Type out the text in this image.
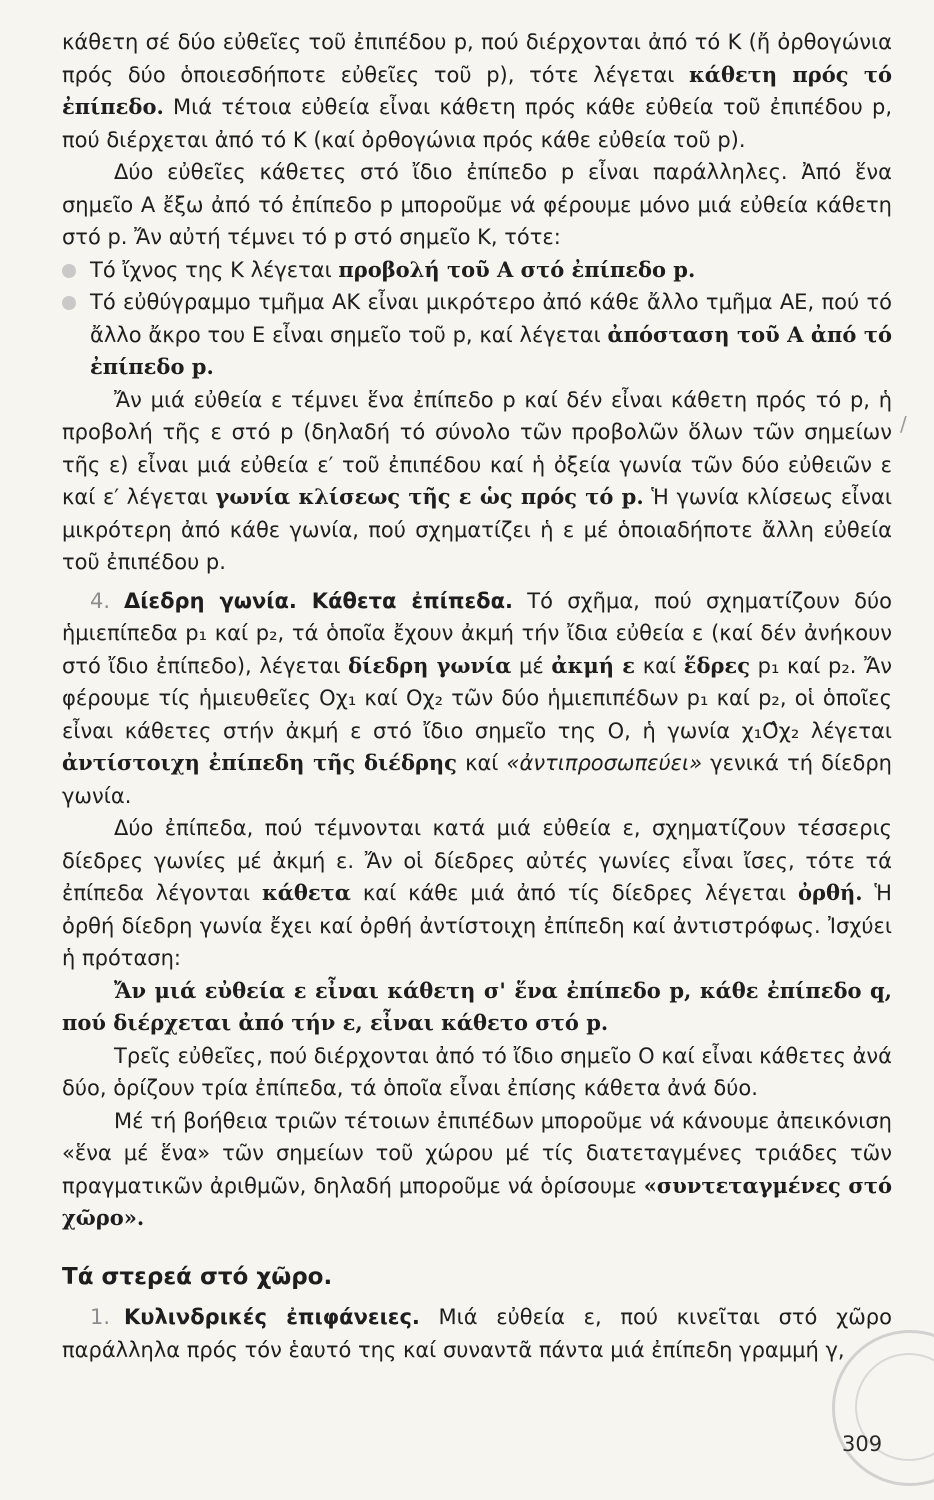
κάθετη σέ δύο εὐθεῖες τοῦ ἐπιπέδου p, πού διέρχονται ἀπό τό Κ (ἤ ὀρθογώνια πρός δύο ὁποιεσδήποτε εὐθεῖες τοῦ p), τότε λέγεται κάθετη πρός τό ἐπίπεδο. Μιά τέτοια εὐθεία εἶναι κάθετη πρός κάθε εὐθεία τοῦ ἐπιπέδου p, πού διέρχεται ἀπό τό Κ (καί ὀρθογώνια πρός κάθε εὐθεία τοῦ p).

Δύο εὐθεῖες κάθετες στό ἴδιο ἐπίπεδο p εἶναι παράλληλες. Ἀπό ἕνα σημεῖο Α ἔξω ἀπό τό ἐπίπεδο p μποροῦμε νά φέρουμε μόνο μιά εὐθεία κάθετη στό p. Ἄν αὐτή τέμνει τό p στό σημεῖο Κ, τότε:

Τό ἴχνος της Κ λέγεται προβολή τοῦ Α στό ἐπίπεδο p.

Τό εὐθύγραμμο τμῆμα ΑΚ εἶναι μικρότερο ἀπό κάθε ἄλλο τμῆμα ΑΕ, πού τό ἄλλο ἄκρο του Ε εἶναι σημεῖο τοῦ p, καί λέγεται ἀπόσταση τοῦ Α ἀπό τό ἐπίπεδο p.

Ἄν μιά εὐθεία ε τέμνει ἕνα ἐπίπεδο p καί δέν εἶναι κάθετη πρός τό p, ἡ προβολή τῆς ε στό p (δηλαδή τό σύνολο τῶν προβολῶν ὅλων τῶν σημείων τῆς ε) εἶναι μιά εὐθεία ε′ τοῦ ἐπιπέδου καί ἡ ὀξεία γωνία τῶν δύο εὐθειῶν ε καί ε′ λέγεται γωνία κλίσεως τῆς ε ὡς πρός τό p. Ἡ γωνία κλίσεως εἶναι μικρότερη ἀπό κάθε γωνία, πού σχηματίζει ἡ ε μέ ὁποιαδήποτε ἄλλη εὐθεία τοῦ ἐπιπέδου p.

4. Δίεδρη γωνία. Κάθετα ἐπίπεδα. Τό σχῆμα, πού σχηματίζουν δύο ἡμιεπίπεδα p₁ καί p₂, τά ὁποῖα ἔχουν ἀκμή τήν ἴδια εὐθεία ε (καί δέν ἀνήκουν στό ἴδιο ἐπίπεδο), λέγεται δίεδρη γωνία μέ ἀκμή ε καί ἕδρες p₁ καί p₂. Ἄν φέρουμε τίς ἡμιευθεῖες Οχ₁ καί Οχ₂ τῶν δύο ἡμιεπιπέδων p₁ καί p₂, οἱ ὁποῖες εἶναι κάθετες στήν ἀκμή ε στό ἴδιο σημεῖο της Ο, ἡ γωνία χ₁Ο̂χ₂ λέγεται ἀντίστοιχη ἐπίπεδη τῆς διέδρης καί «ἀντιπροσωπεύει» γενικά τή δίεδρη γωνία.

Δύο ἐπίπεδα, πού τέμνονται κατά μιά εὐθεία ε, σχηματίζουν τέσσερις δίεδρες γωνίες μέ ἀκμή ε. Ἄν οἱ δίεδρες αὐτές γωνίες εἶναι ἴσες, τότε τά ἐπίπεδα λέγονται κάθετα καί κάθε μιά ἀπό τίς δίεδρες λέγεται ὀρθή. Ἡ ὀρθή δίεδρη γωνία ἔχει καί ὀρθή ἀντίστοιχη ἐπίπεδη καί ἀντιστρόφως. Ἰσχύει ἡ πρόταση:

Ἄν μιά εὐθεία ε εἶναι κάθετη σ' ἕνα ἐπίπεδο p, κάθε ἐπίπεδο q, πού διέρχεται ἀπό τήν ε, εἶναι κάθετο στό p.

Τρεῖς εὐθεῖες, πού διέρχονται ἀπό τό ἴδιο σημεῖο Ο καί εἶναι κάθετες ἀνά δύο, ὁρίζουν τρία ἐπίπεδα, τά ὁποῖα εἶναι ἐπίσης κάθετα ἀνά δύο.

Μέ τή βοήθεια τριῶν τέτοιων ἐπιπέδων μποροῦμε νά κάνουμε ἀπεικόνιση «ἕνα μέ ἕνα» τῶν σημείων τοῦ χώρου μέ τίς διατεταγμένες τριάδες τῶν πραγματικῶν ἀριθμῶν, δηλαδή μποροῦμε νά ὁρίσουμε «συντεταγμένες στό χῶρο».

Τά στερεά στό χῶρο.

1. Κυλινδρικές ἐπιφάνειες. Μιά εὐθεία ε, πού κινεῖται στό χῶρο παράλληλα πρός τόν ἑαυτό της καί συναντᾶ πάντα μιά ἐπίπεδη γραμμή γ,

/
309
